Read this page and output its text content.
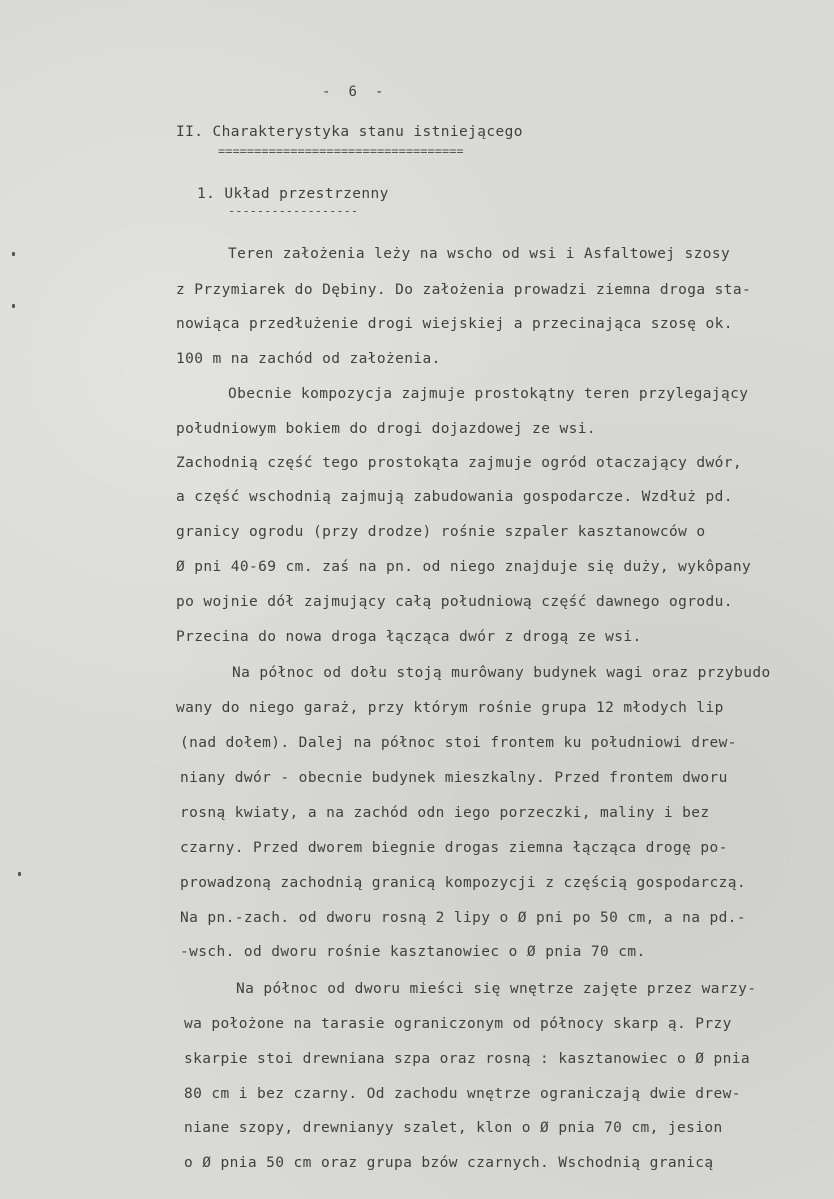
-  6  -
II. Charakterystyka stanu istniejącego
==================================
1. Układ przestrzenny
------------------
Teren założenia leży na wscho od wsi i Asfaltowej szosy
z Przymiarek do Dębiny. Do założenia prowadzi ziemna droga sta-
nowiąca przedłużenie drogi wiejskiej a przecinająca szosę ok.
100 m na zachód od założenia.
Obecnie kompozycja zajmuje prostokątny teren przylegający
południowym bokiem do drogi dojazdowej ze wsi.
Zachodnią część tego prostokąta zajmuje ogród otaczający dwór,
a część wschodnią zajmują zabudowania gospodarcze. Wzdłuż pd.
granicy ogrodu (przy drodze) rośnie szpaler kasztanowców o
Ø pni 40-69 cm. zaś na pn. od niego znajduje się duży, wykôpany
po wojnie dół zajmujący całą południową część dawnego ogrodu.
Przecina do nowa droga łącząca dwór z drogą ze wsi.
Na północ od dołu stoją murôwany budynek wagi oraz przybudo
wany do niego garaż, przy którym rośnie grupa 12 młodych lip
(nad dołem). Dalej na północ stoi frontem ku południowi drew-
niany dwór - obecnie budynek mieszkalny. Przed frontem dworu
rosną kwiaty, a na zachód odn iego porzeczki, maliny i bez
czarny. Przed dworem biegnie drogas ziemna łącząca drogę po-
prowadzoną zachodnią granicą kompozycji z częścią gospodarczą.
Na pn.-zach. od dworu rosną 2 lipy o Ø pni po 50 cm, a na pd.-
-wsch. od dworu rośnie kasztanowiec o Ø pnia 70 cm.
Na północ od dworu mieści się wnętrze zajęte przez warzy-
wa położone na tarasie ograniczonym od północy skarp ą. Przy
skarpie stoi drewniana szpa oraz rosną : kasztanowiec o Ø pnia
80 cm i bez czarny. Od zachodu wnętrze ograniczają dwie drew-
niane szopy, drewnianyy szalet, klon o Ø pnia 70 cm, jesion
o Ø pnia 50 cm oraz grupa bzów czarnych. Wschodnią granicą
